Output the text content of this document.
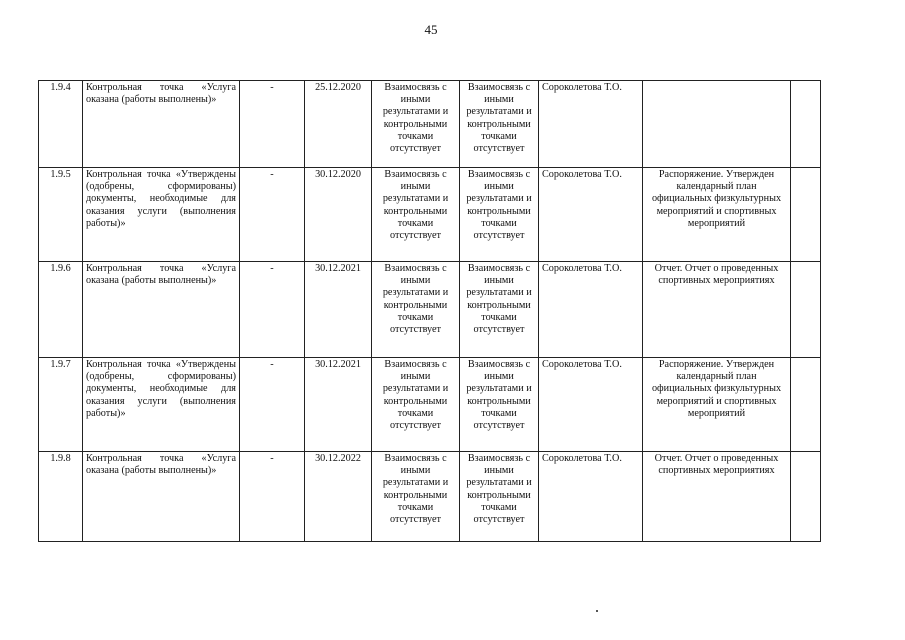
45
1.9.4	Контрольная точка «Услуга оказана (работы выполнены)»	-	25.12.2020	Взаимосвязь с иными результатами и контрольными точками отсутствует	Взаимосвязь с иными результатами и контрольными точками отсутствует	Сороколетова Т.О.		
1.9.5	Контрольная точка «Утверждены (одобрены, сформированы) документы, необходимые для оказания услуги (выполнения работы)»	-	30.12.2020	Взаимосвязь с иными результатами и контрольными точками отсутствует	Взаимосвязь с иными результатами и контрольными точками отсутствует	Сороколетова Т.О.	Распоряжение. Утвержден календарный план официальных физкультурных мероприятий и спортивных мероприятий	
1.9.6	Контрольная точка «Услуга оказана (работы выполнены)»	-	30.12.2021	Взаимосвязь с иными результатами и контрольными точками отсутствует	Взаимосвязь с иными результатами и контрольными точками отсутствует	Сороколетова Т.О.	Отчет. Отчет о проведенных спортивных мероприятиях	
1.9.7	Контрольная точка «Утверждены (одобрены, сформированы) документы, необходимые для оказания услуги (выполнения работы)»	-	30.12.2021	Взаимосвязь с иными результатами и контрольными точками отсутствует	Взаимосвязь с иными результатами и контрольными точками отсутствует	Сороколетова Т.О.	Распоряжение. Утвержден календарный план официальных физкультурных мероприятий и спортивных мероприятий	
1.9.8	Контрольная точка «Услуга оказана (работы выполнены)»	-	30.12.2022	Взаимосвязь с иными результатами и контрольными точками отсутствует	Взаимосвязь с иными результатами и контрольными точками отсутствует	Сороколетова Т.О.	Отчет. Отчет о проведенных спортивных мероприятиях	
